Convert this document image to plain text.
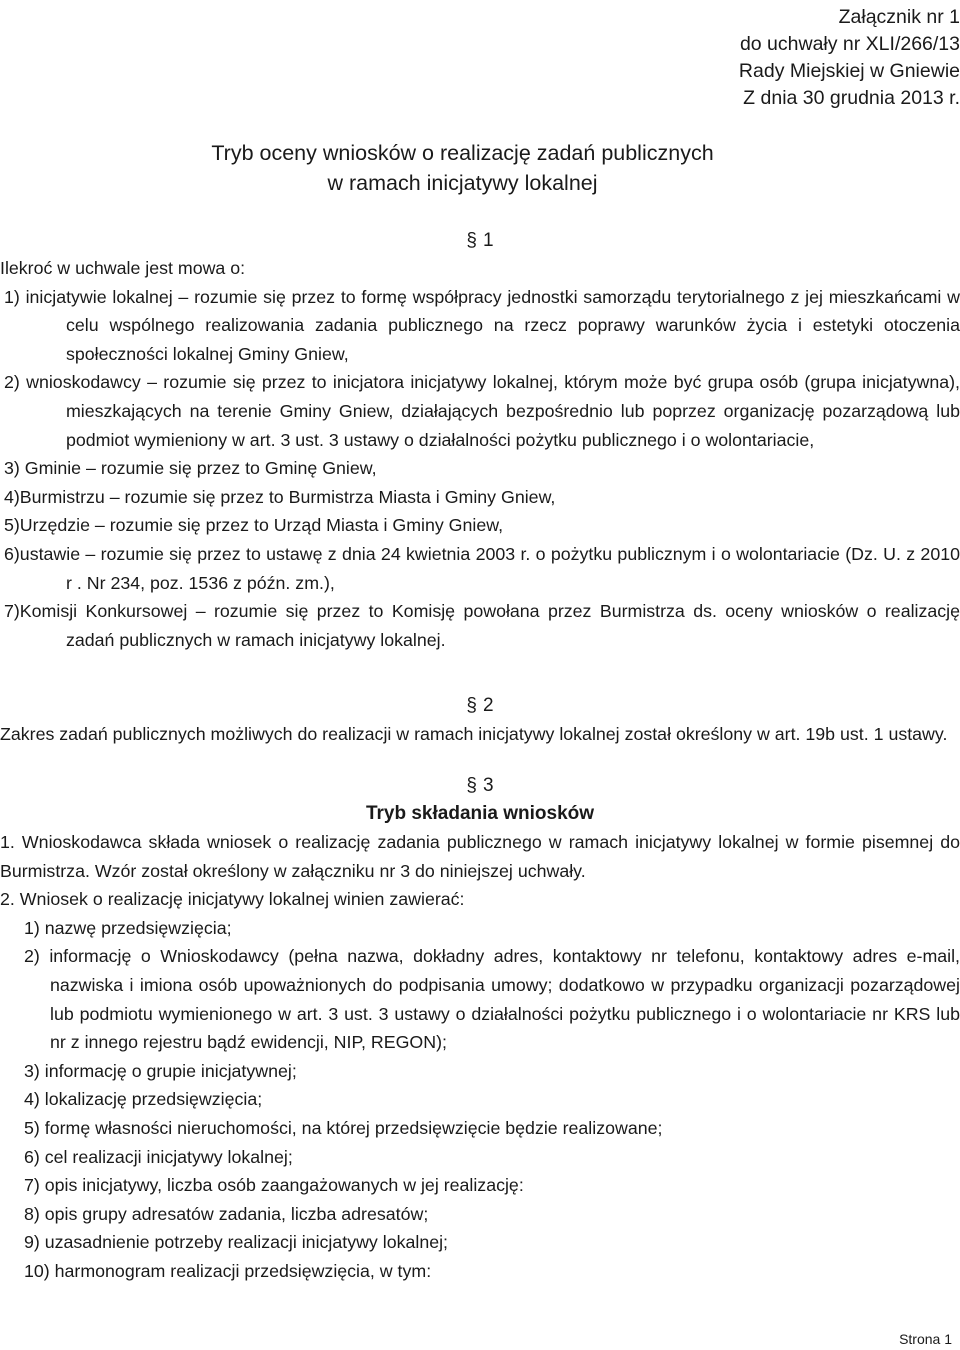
Załącznik nr 1
do uchwały nr XLI/266/13
Rady Miejskiej w Gniewie
Z dnia 30 grudnia 2013 r.
Tryb oceny wniosków o realizację zadań publicznych
w ramach inicjatywy lokalnej
§ 1

Ilekroć w uchwale jest mowa o:

1) inicjatywie lokalnej – rozumie się przez to formę współpracy jednostki samorządu terytorialnego z jej mieszkańcami w celu wspólnego realizowania zadania publicznego na rzecz poprawy warunków życia i estetyki otoczenia społeczności lokalnej Gminy Gniew,

2) wnioskodawcy – rozumie się przez to inicjatora inicjatywy lokalnej, którym może być grupa osób (grupa inicjatywna), mieszkających na terenie Gminy Gniew, działających bezpośrednio lub poprzez organizację pozarządową lub podmiot wymieniony w art. 3 ust. 3 ustawy o działalności pożytku publicznego i o wolontariacie,

3) Gminie – rozumie się przez to Gminę Gniew,

4)Burmistrzu – rozumie się przez to Burmistrza Miasta i Gminy Gniew,

5)Urzędzie – rozumie się przez to Urząd Miasta i Gminy Gniew,

6)ustawie – rozumie się przez to ustawę z dnia 24 kwietnia 2003 r. o pożytku publicznym i o wolontariacie (Dz. U. z 2010 r . Nr 234, poz. 1536 z późn. zm.),

7)Komisji Konkursowej – rozumie się przez to Komisję powołana przez Burmistrza ds. oceny wniosków o realizację zadań publicznych w ramach inicjatywy lokalnej.

§ 2

Zakres zadań publicznych możliwych do realizacji w ramach inicjatywy lokalnej został określony w art. 19b ust. 1 ustawy.

§ 3
Tryb składania wniosków

1. Wnioskodawca składa wniosek o realizację zadania publicznego w ramach inicjatywy lokalnej w formie pisemnej do Burmistrza. Wzór został określony w załączniku nr 3 do niniejszej uchwały.

2. Wniosek o realizację inicjatywy lokalnej winien zawierać:

1) nazwę przedsięwzięcia;

2) informację o Wnioskodawcy (pełna nazwa, dokładny adres, kontaktowy nr telefonu, kontaktowy adres e-mail, nazwiska i imiona osób upoważnionych do podpisania umowy; dodatkowo w przypadku organizacji pozarządowej lub podmiotu wymienionego w art. 3 ust. 3 ustawy o działalności pożytku publicznego i o wolontariacie nr KRS lub nr z innego rejestru bądź ewidencji, NIP, REGON);

3) informację o grupie inicjatywnej;

4) lokalizację przedsięwzięcia;

5) formę własności nieruchomości, na której przedsięwzięcie będzie realizowane;

6) cel realizacji inicjatywy lokalnej;

7) opis inicjatywy, liczba osób zaangażowanych w jej realizację:

8) opis grupy adresatów zadania, liczba adresatów;

9) uzasadnienie potrzeby realizacji inicjatywy lokalnej;

10) harmonogram realizacji przedsięwzięcia, w tym:

Strona 1
